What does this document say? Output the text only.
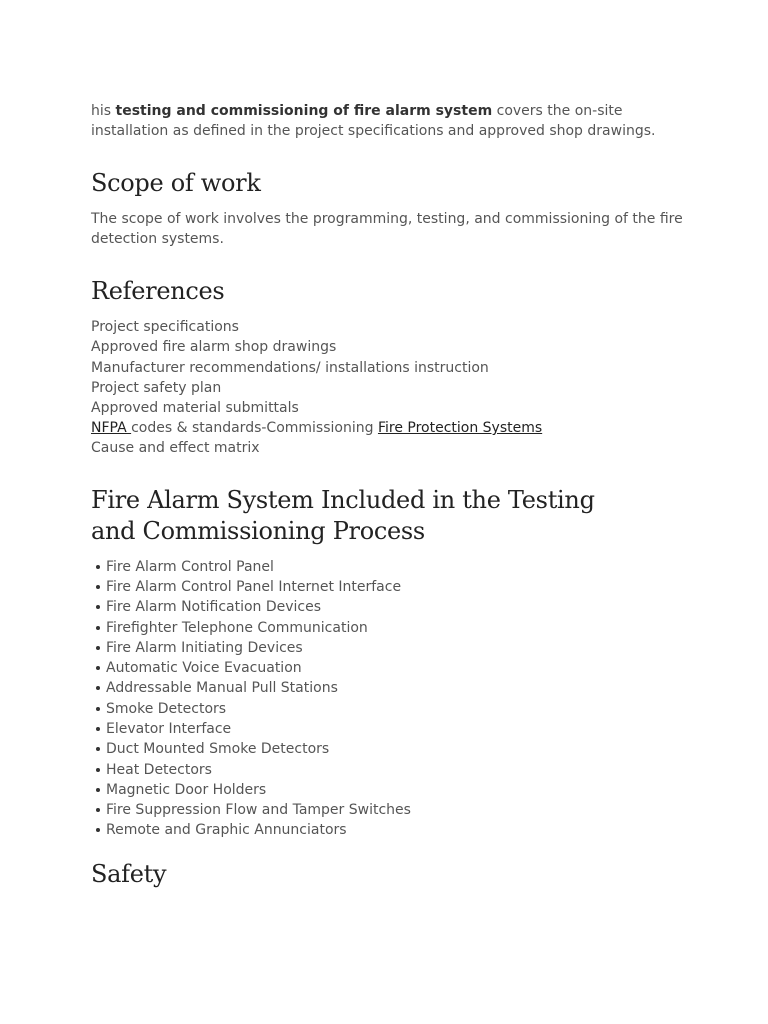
his testing and commissioning of fire alarm system covers the on-site installation as defined in the project specifications and approved shop drawings.

Scope of work

The scope of work involves the programming, testing, and commissioning of the fire detection systems.

References
Project specifications
Approved fire alarm shop drawings
Manufacturer recommendations/ installations instruction
Project safety plan
Approved material submittals
NFPA codes & standards-Commissioning Fire Protection Systems
Cause and effect matrix
Fire Alarm System Included in the Testing and Commissioning Process
Fire Alarm Control Panel
Fire Alarm Control Panel Internet Interface
Fire Alarm Notification Devices
Firefighter Telephone Communication
Fire Alarm Initiating Devices
Automatic Voice Evacuation
Addressable Manual Pull Stations
Smoke Detectors
Elevator Interface
Duct Mounted Smoke Detectors
Heat Detectors
Magnetic Door Holders
Fire Suppression Flow and Tamper Switches
Remote and Graphic Annunciators
Safety
